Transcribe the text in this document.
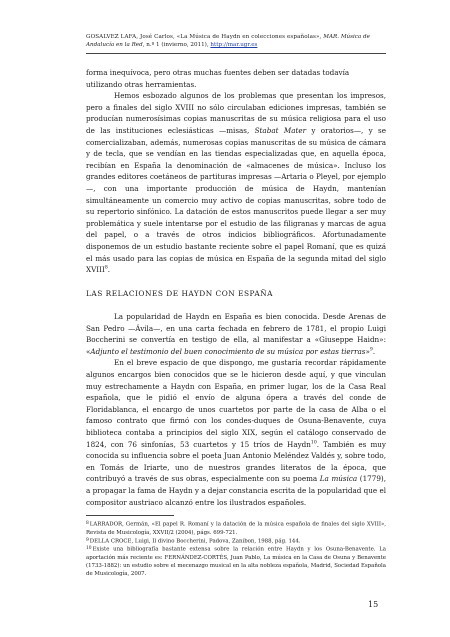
GOSALVEZ LAFA, José Carlos, «La Música de Haydn en colecciones españolas», MAR. Música de Andalucía en la Red, n.º 1 (invierno, 2011), http://mar.ugr.es

forma inequívoca, pero otras muchas fuentes deben ser datadas todavía

utilizando otras herramientas.

Hemos esbozado algunos de los problemas que presentan los impresos, pero a finales del siglo XVIII no sólo circulaban ediciones impresas, también se producían numerosísimas copias manuscritas de su música religiosa para el uso de las instituciones eclesiásticas —misas, Stabat Mater y oratorios—, y se comercializaban, además, numerosas copias manuscritas de su música de cámara y de tecla, que se vendían en las tiendas especializadas que, en aquella época, recibían en España la denominación de «almacenes de música». Incluso los grandes editores coetáneos de partituras impresas —Artaria o Pleyel, por ejemplo—, con una importante producción de música de Haydn, mantenían simultáneamente un comercio muy activo de copias manuscritas, sobre todo de su repertorio sinfónico. La datación de estos manuscritos puede llegar a ser muy problemática y suele intentarse por el estudio de las filigranas y marcas de agua del papel, o a través de otros indicios bibliográficos. Afortunadamente disponemos de un estudio bastante reciente sobre el papel Romaní, que es quizá el más usado para las copias de música en España de la segunda mitad del siglo XVIII$^8$.

LAS RELACIONES DE HAYDN CON ESPAÑA

La popularidad de Haydn en España es bien conocida. Desde Arenas de San Pedro —Ávila—, en una carta fechada en febrero de 1781, el propio Luigi Boccherini se convertía en testigo de ella, al manifestar a «Giuseppe Haidn»: «Adjunto el testimonio del buen conocimiento de su música por estas tierras»$^9$.

En el breve espacio de que dispongo, me gustaría recordar rápidamente algunos encargos bien conocidos que se le hicieron desde aquí, y que vinculan muy estrechamente a Haydn con España, en primer lugar, los de la Casa Real española, que le pidió el envío de alguna ópera a través del conde de Floridablanca, el encargo de unos cuartetos por parte de la casa de Alba o el famoso contrato que firmó con los condes-duques de Osuna-Benavente, cuya biblioteca contaba a principios del siglo XIX, según el catálogo conservado de 1824, con 76 sinfonías, 53 cuartetos y 15 tríos de Haydn$^{10}$. También es muy conocida su influencia sobre el poeta Juan Antonio Meléndez Valdés y, sobre todo, en Tomás de Iriarte, uno de nuestros grandes literatos de la época, que contribuyó a través de sus obras, especialmente con su poema La música (1779), a propagar la fama de Haydn y a dejar constancia escrita de la popularidad que el compositor austriaco alcanzó entre los ilustrados españoles.

$^8$LARRADOR, Germán, «El papel R. Romaní y la datación de la música española de finales del siglo XVIII», Revista de Musicología, XXVII/2 (2004), págs. 699-721.

$^9$DELLA CROCE, Luigi, Il divino Boccherini, Padova, Zanibon, 1988, pág. 144.

$^{10}$Existe una bibliografía bastante extensa sobre la relación entre Haydn y los Osuna-Benavente. La aportación más reciente es: FERNÁNDEZ-CORTÉS, Juan Pablo, La música en la Casa de Osuna y Benavente (1733-1882): un estudio sobre el mecenazgo musical en la alta nobleza española, Madrid, Sociedad Española de Musicología, 2007.

15
